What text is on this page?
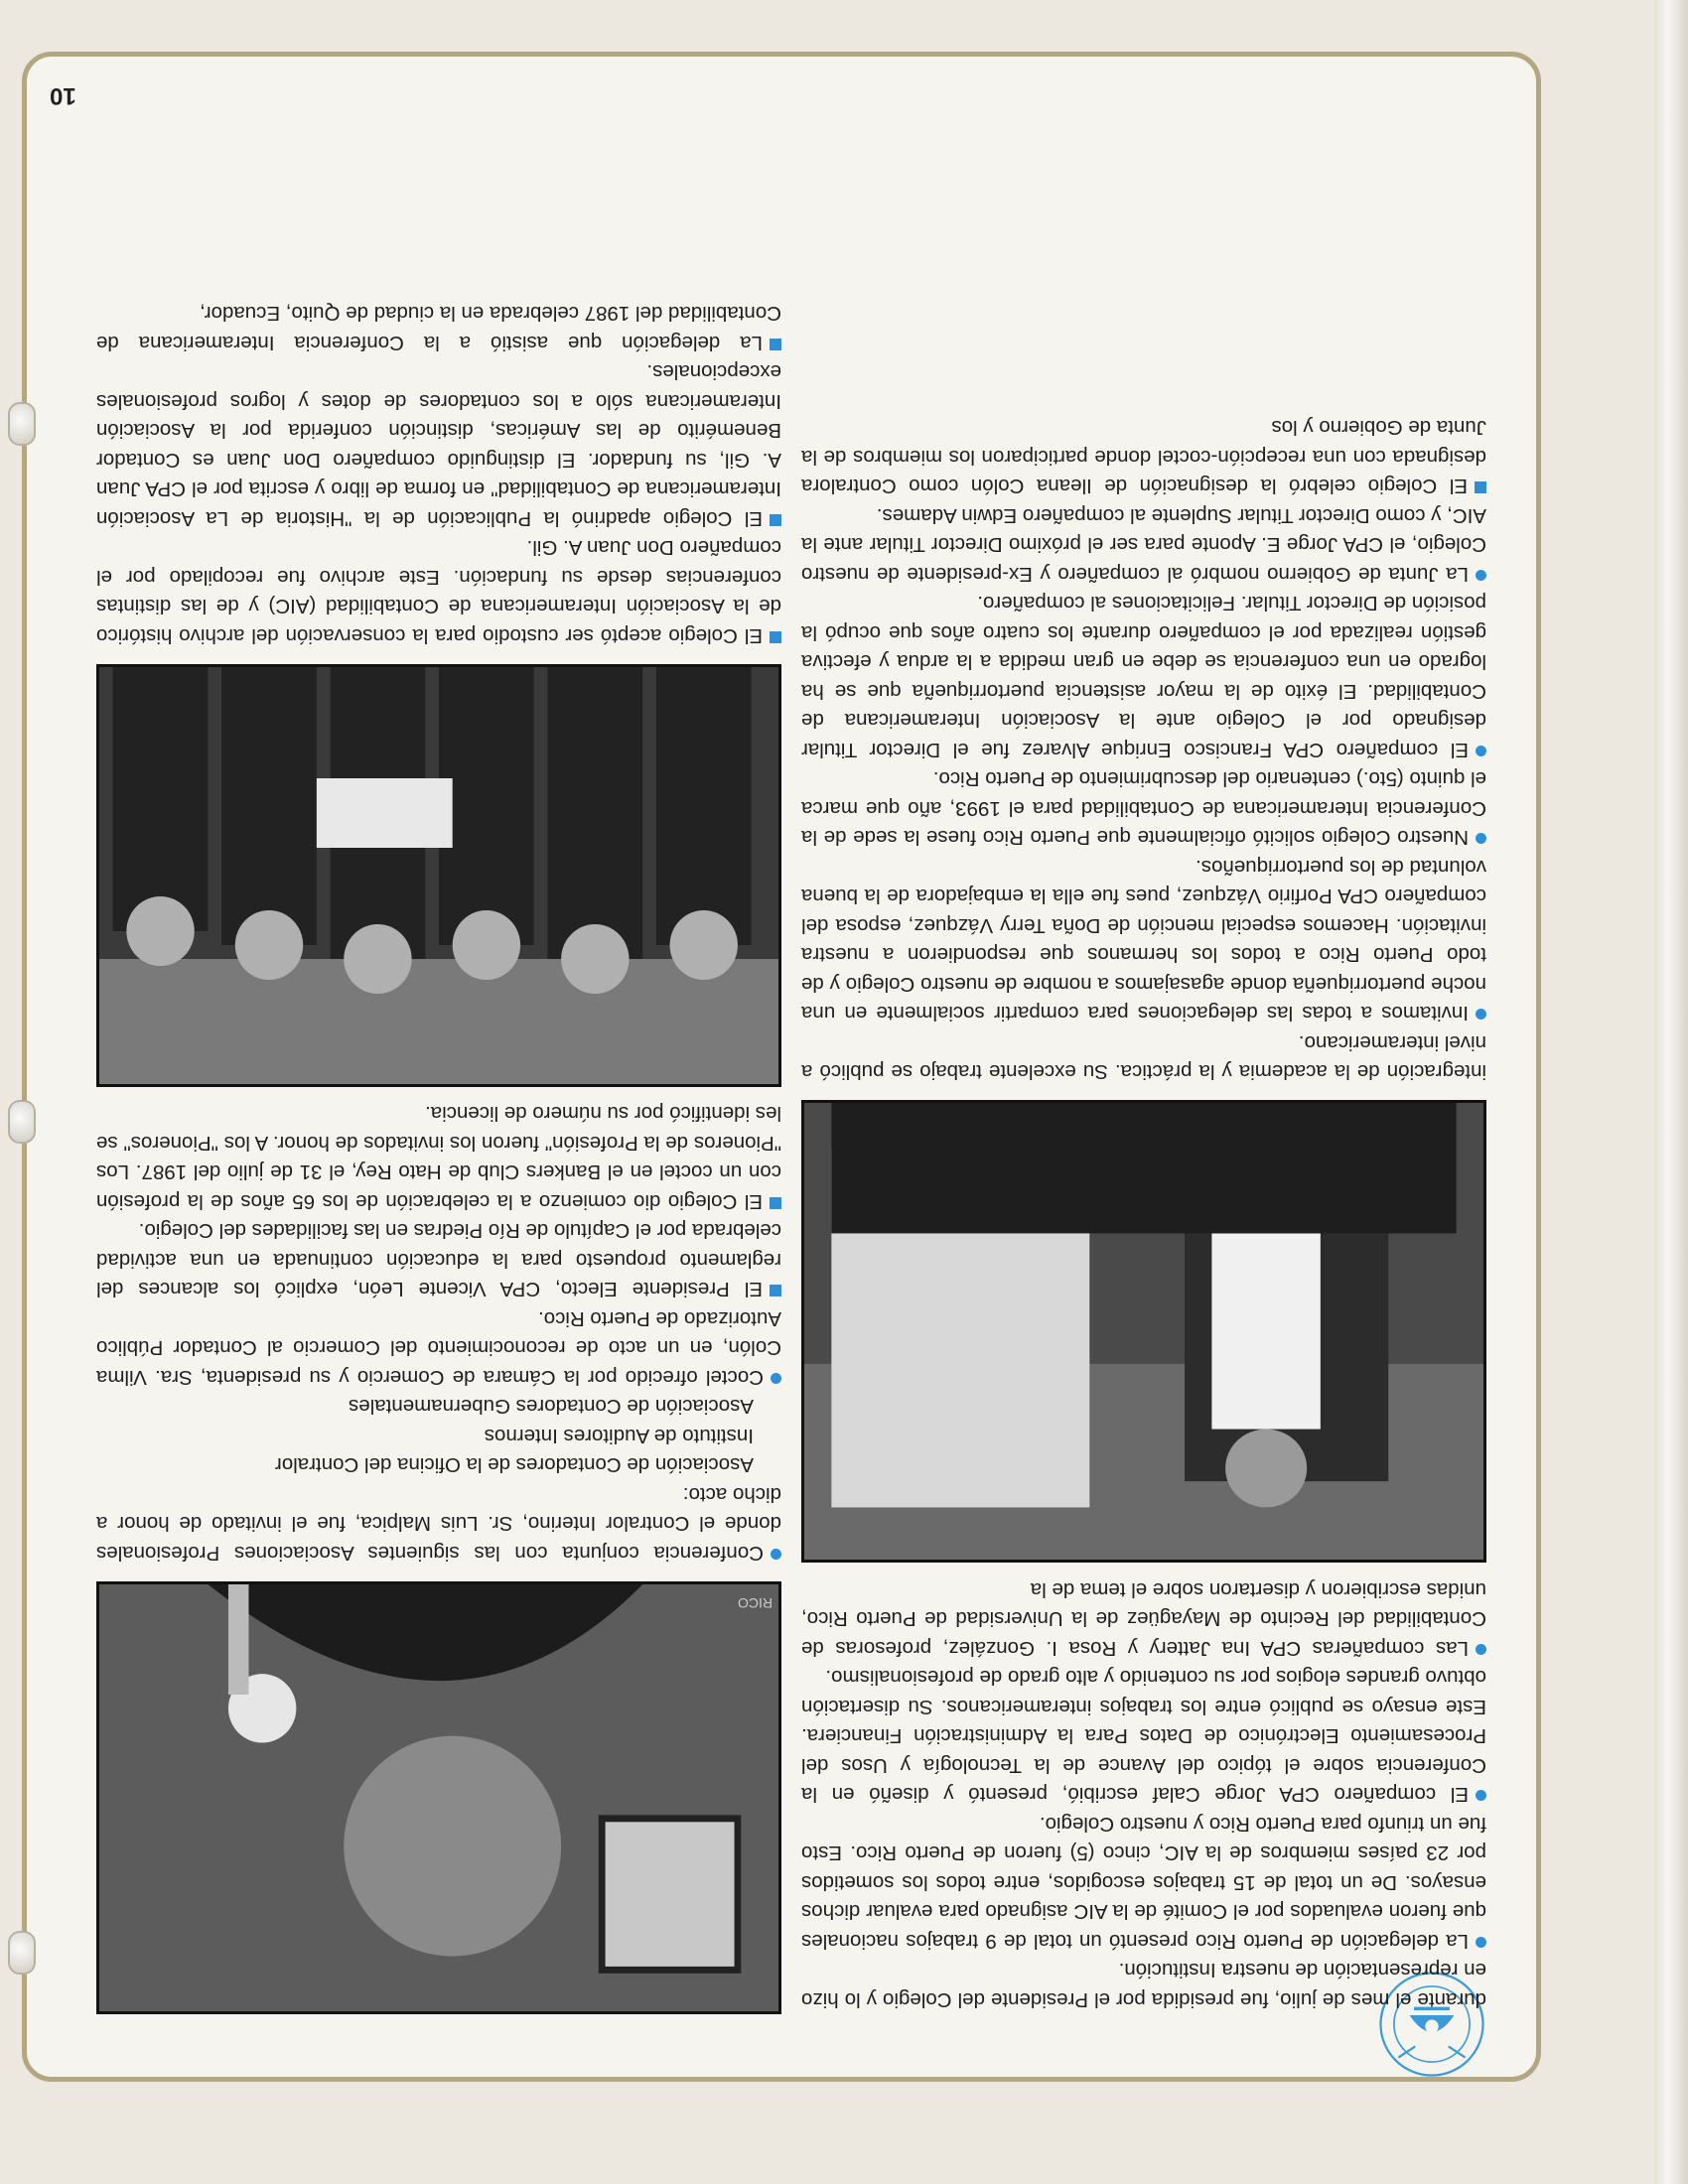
durante el mes de julio, fue presidida por el Presidente del Colegio y lo hizo en representación de nuestra Institución.

La delegación de Puerto Rico presentó un total de 9 trabajos nacionales que fueron evaluados por el Comité de la AIC asignado para evaluar dichos ensayos. De un total de 15 trabajos escogidos, entre todos los sometidos por 23 países miembros de la AIC, cinco (5) fueron de Puerto Rico. Esto fue un triunfo para Puerto Rico y nuestro Colegio.

El compañero CPA Jorge Calaf escribió, presentó y diseñó en la Conferencia sobre el tópico del Avance de la Tecnología y Usos del Procesamiento Electrónico de Datos Para la Administración Financiera. Este ensayo se publicó entre los trabajos interamericanos. Su disertación obtuvo grandes elogios por su contenido y alto grado de profesionalismo.

Las compañeras CPA Ina Jattery y Rosa I. González, profesoras de Contabilidad del Recinto de Mayagüez de la Universidad de Puerto Rico, unidas escribieron y disertaron sobre el tema de la

integración de la academia y la práctica. Su excelente trabajo se publicó a nivel interamericano.

Invitamos a todas las delegaciones para compartir socialmente en una noche puertorriqueña donde agasajamos a nombre de nuestro Colegio y de todo Puerto Rico a todos los hermanos que respondieron a nuestra invitación. Hacemos especial mención de Doña Terry Vázquez, esposa del compañero CPA Porfirio Vázquez, pues fue ella la embajadora de la buena voluntad de los puertorriqueños.

Nuestro Colegio solicitó oficialmente que Puerto Rico fuese la sede de la Conferencia Interamericana de Contabilidad para el 1993, año que marca el quinto (5to.) centenario del descubrimiento de Puerto Rico.

El compañero CPA Francisco Enrique Alvarez fue el Director Titular designado por el Colegio ante la Asociación Interamericana de Contabilidad. El éxito de la mayor asistencia puertorriqueña que se ha logrado en una conferencia se debe en gran medida a la ardua y efectiva gestión realizada por el compañero durante los cuatro años que ocupó la posición de Director Titular. Felicitaciones al compañero.

La Junta de Gobierno nombró al compañero y Ex-presidente de nuestro Colegio, el CPA Jorge E. Aponte para ser el próximo Director Titular ante la AIC, y como Director Titular Suplente al compañero Edwin Adames.

El Colegio celebró la designación de Ileana Colón como Contralora designada con una recepción-coctel donde participaron los miembros de la Junta de Gobierno y los

RICO

Conferencia conjunta con las siguientes Asociaciones Profesionales donde el Contralor Interino, Sr. Luis Malpica, fue el invitado de honor a dicho acto:

Asociación de Contadores de la Oficina del Contralor

Instituto de Auditores Internos

Asociación de Contadores Gubernamentales

Coctel ofrecido por la Cámara de Comercio y su presidenta, Sra. Vilma Colón, en un acto de reconocimiento del Comercio al Contador Público Autorizado de Puerto Rico.

El Presidente Electo, CPA Vicente León, explicó los alcances del reglamento propuesto para la educación continuada en una actividad celebrada por el Capítulo de Río Piedras en las facilidades del Colegio.

El Colegio dio comienzo a la celebración de los 65 años de la profesión con un coctel en el Bankers Club de Hato Rey, el 31 de julio del 1987. Los "Pioneros de la Profesión" fueron los invitados de honor. A los "Pioneros" se les identificó por su número de licencia.

El Colegio aceptó ser custodio para la conservación del archivo histórico de la Asociación Interamericana de Contabilidad (AIC) y de las distintas conferencias desde su fundación. Este archivo fue recopilado por el compañero Don Juan A. Gil.

El Colegio apadrinó la Publicación de la "Historia de La Asociación Interamericana de Contabilidad" en forma de libro y escrita por el CPA Juan A. Gil, su fundador. El distinguido compañero Don Juan es Contador Benemérito de las Américas, distinción conferida por la Asociación Interamericana sólo a los contadores de dotes y logros profesionales excepcionales.

La delegación que asistió a la Conferencia Interamericana de Contabilidad del 1987 celebrada en la ciudad de Quito, Ecuador,

10
